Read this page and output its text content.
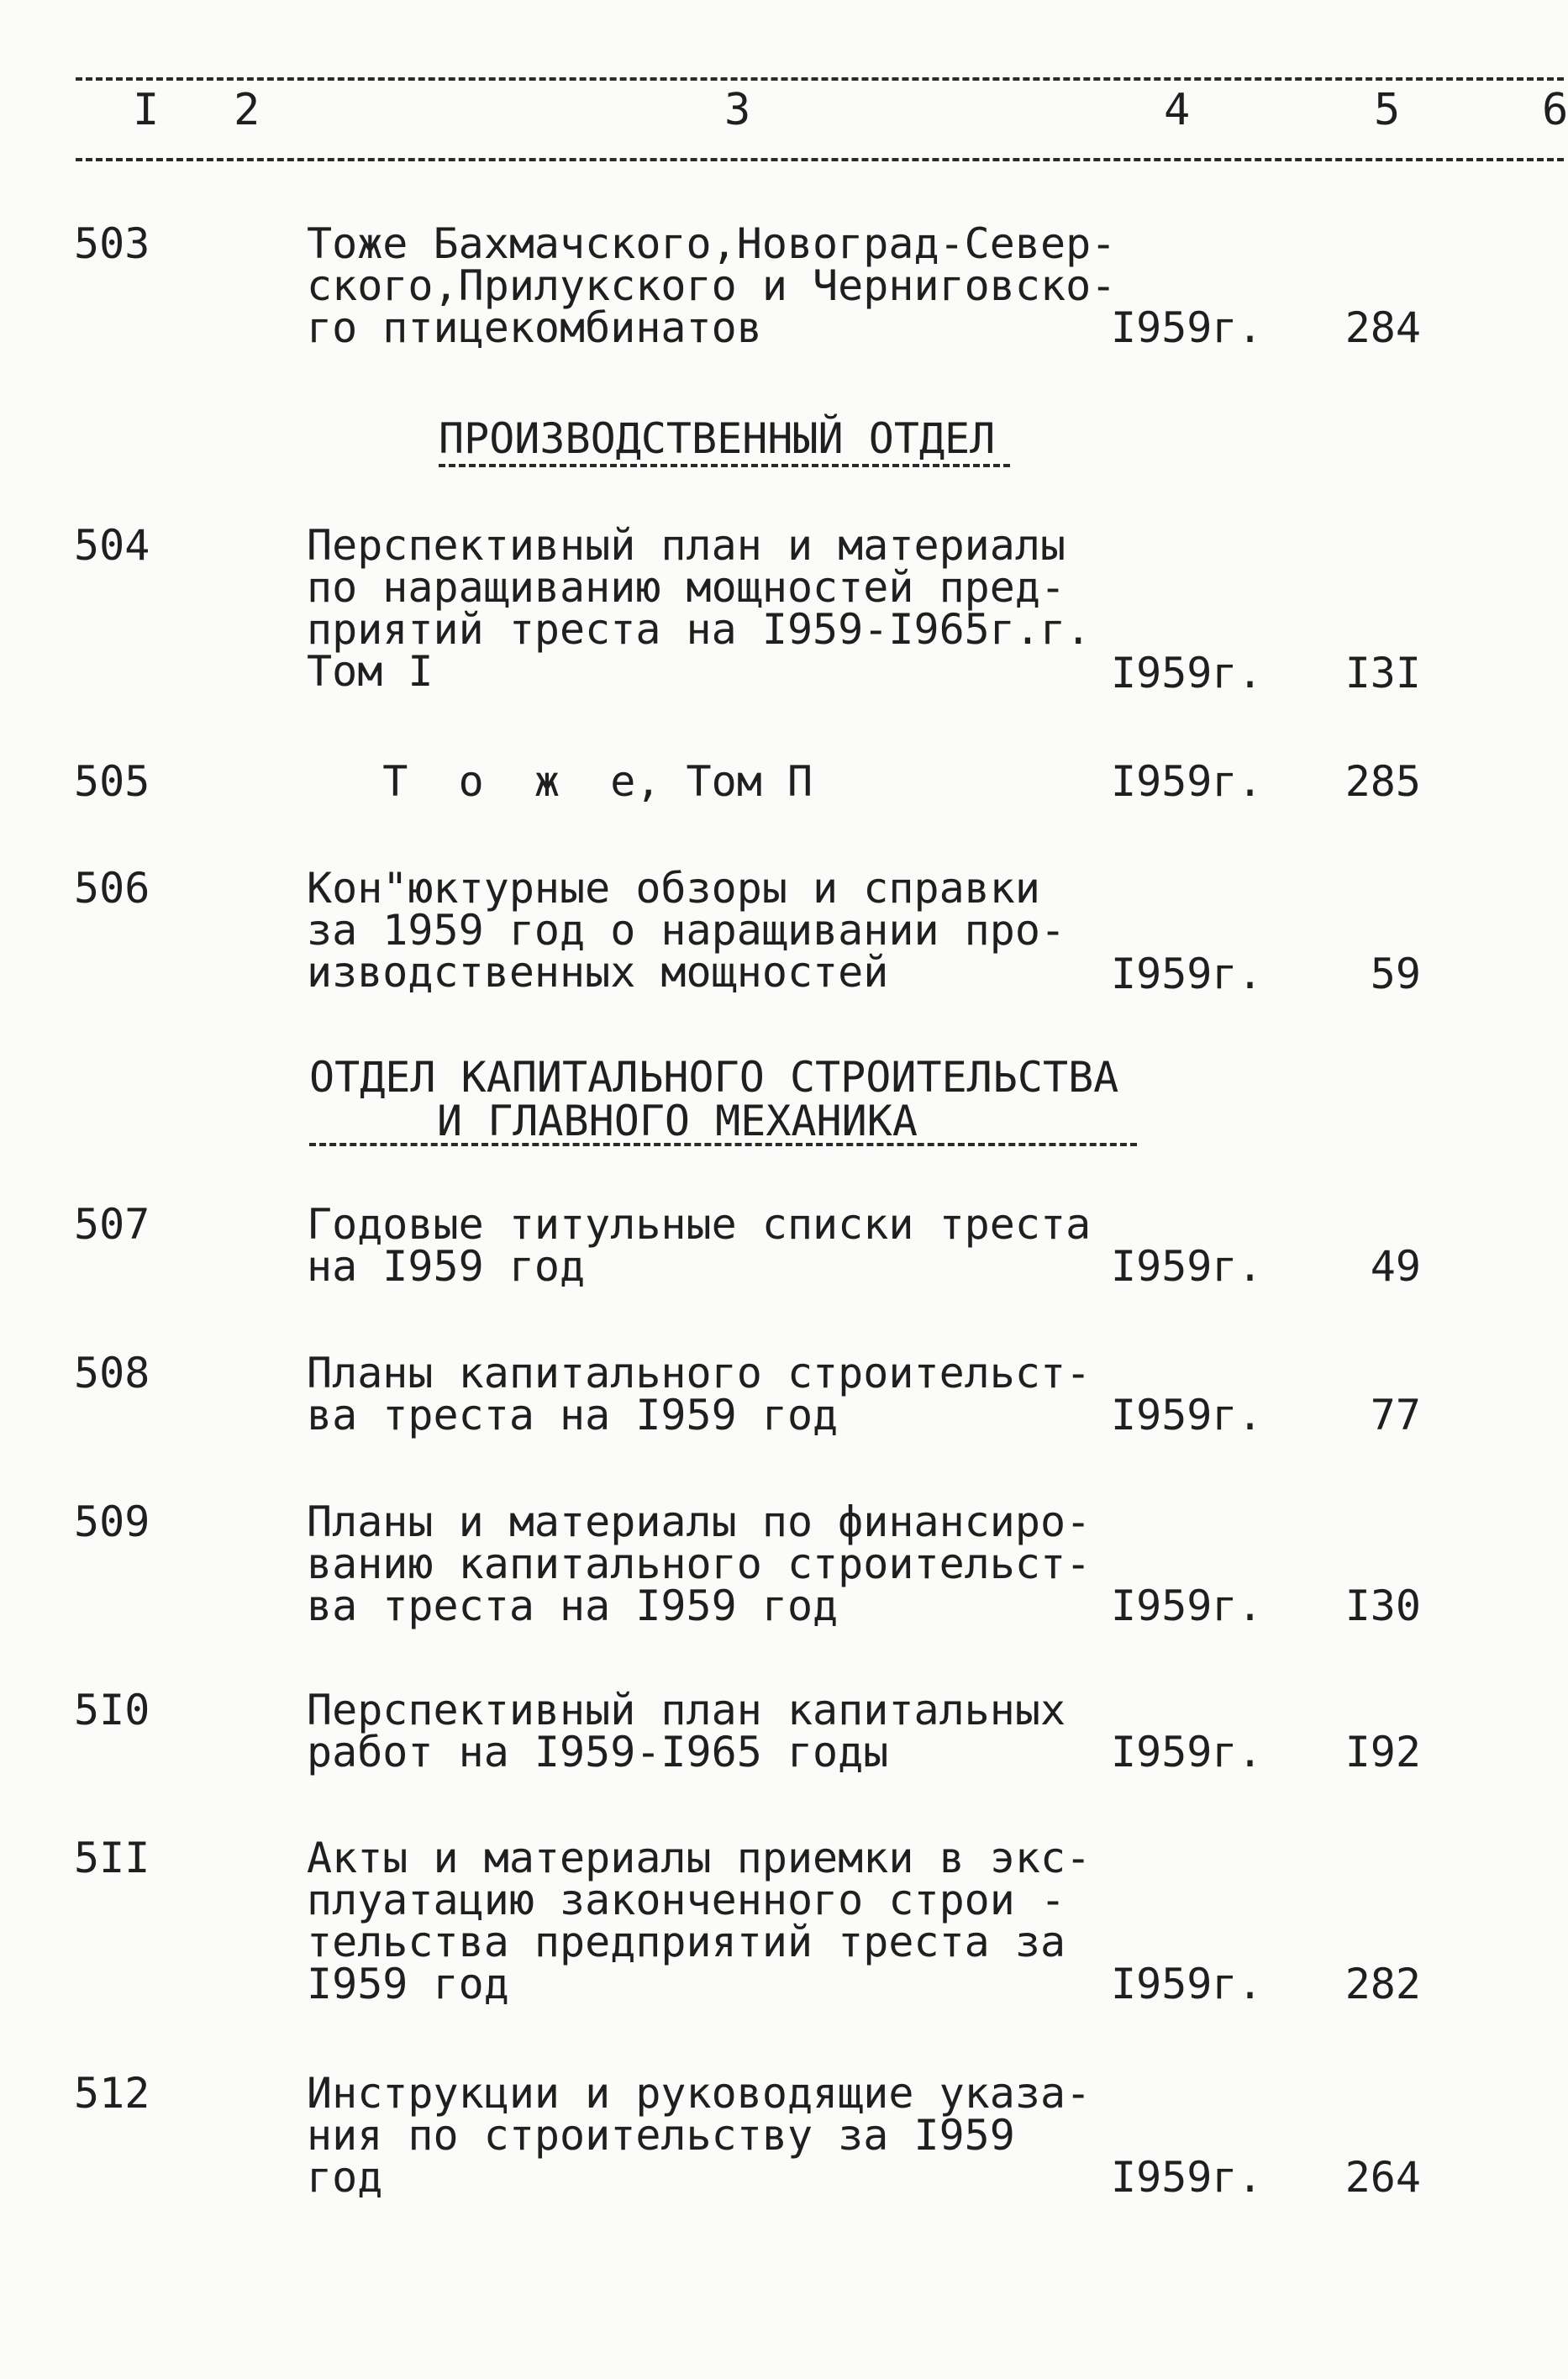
I 2	3	4	5	6
503	Тоже Бахмачского,Новоград-Север-
ского,Прилукского и Черниговско-
го птицекомбинатов	I959г.	284
ПРОИЗВОДСТВЕННЫЙ ОТДЕЛ
504	Перспективный план и материалы
по наращиванию мощностей пред-
приятий треста на I959-I965г.г.
Том I	I959г.	I3I
505	Т  о  ж  е, Том П	I959г.	285
506	Кон"юктурные обзоры и справки
за 1959 год о наращивании про-
изводственных мощностей	I959г.	59
ОТДЕЛ КАПИТАЛЬНОГО СТРОИТЕЛЬСТВА
И ГЛАВНОГО МЕХАНИКА
507	Годовые титульные списки треста
на I959 год	I959г.	49
508	Планы капитального строительст-
ва треста на I959 год	I959г.	77
509	Планы и материалы по финансиро-
ванию капитального строительст-
ва треста на I959 год	I959г.	I30
5I0	Перспективный план капитальных
работ на I959-I965 годы	I959г.	I92
5II	Акты и материалы приемки в экс-
плуатацию законченного строи -
тельства предприятий треста за
I959 год	I959г.	282
512	Инструкции и руководящие указа-
ния по строительству за I959
год	I959г.	264
